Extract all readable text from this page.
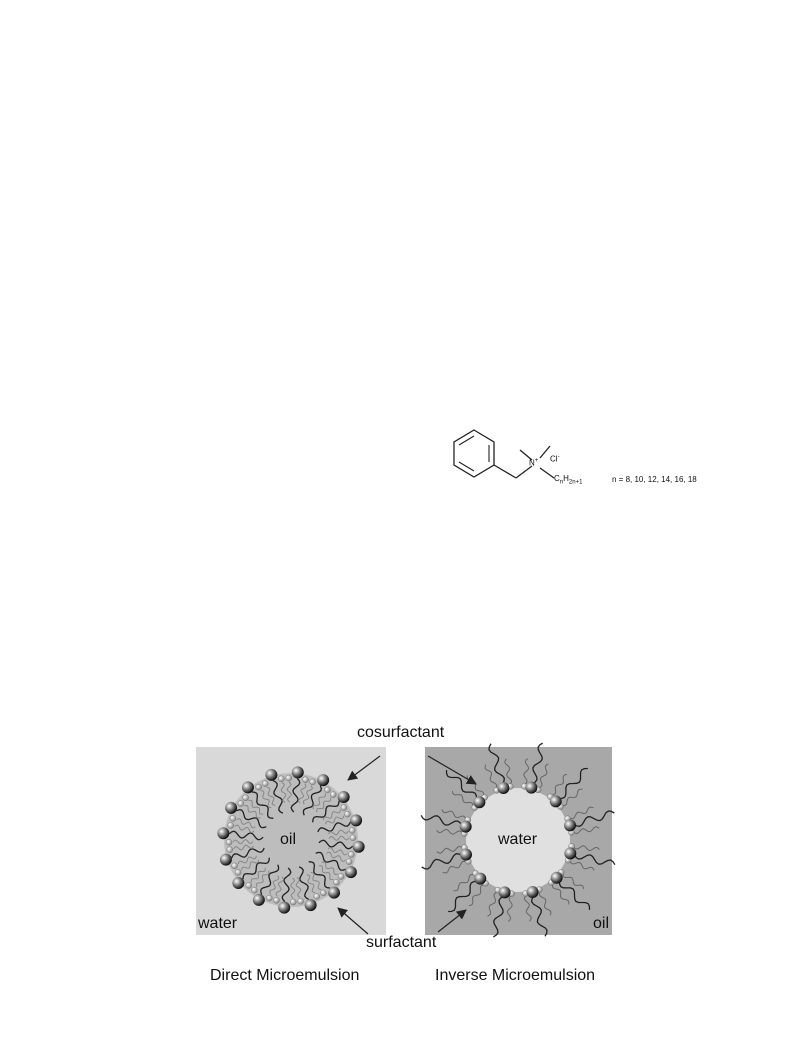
N+ Cl-
$C_nH_{2n+1}$	n = 8, 10, 12, 14, 16, 18
cosurfactant
surfactant
oil
water
water
oil
Direct Microemulsion	Inverse Microemulsion
